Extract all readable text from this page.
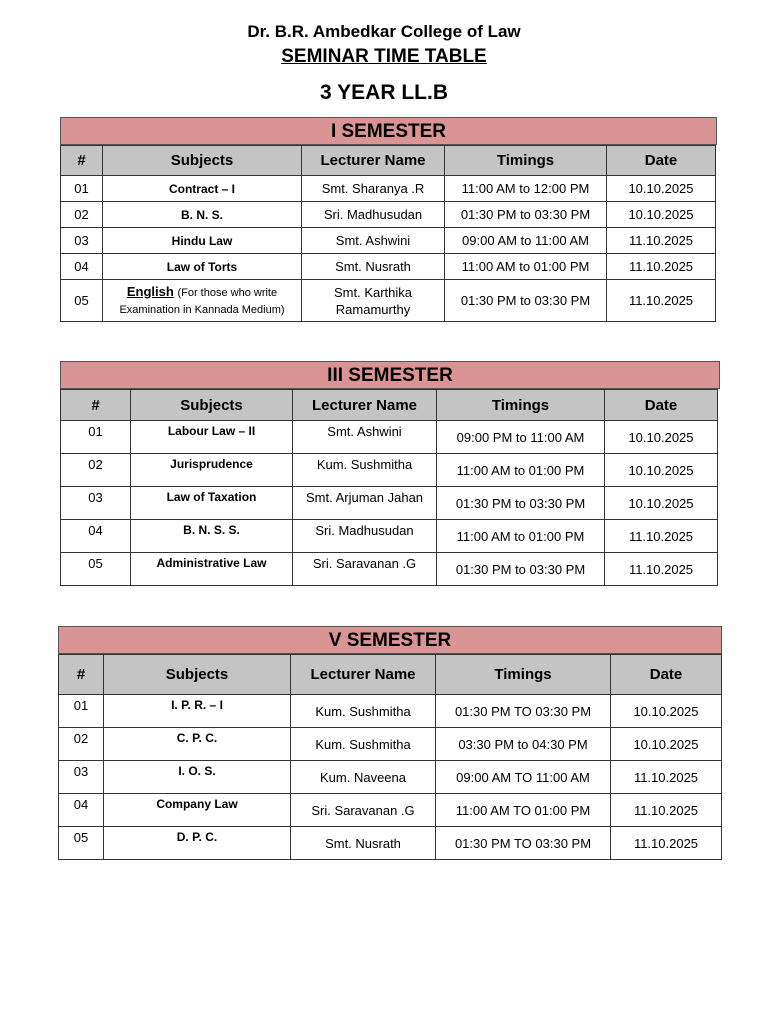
Dr. B.R. Ambedkar College of Law
SEMINAR TIME TABLE
3 YEAR LL.B
I SEMESTER
#	Subjects	Lecturer Name	Timings	Date
01	Contract – I	Smt. Sharanya .R	11:00 AM to 12:00 PM	10.10.2025
02	B. N. S.	Sri. Madhusudan	01:30 PM to 03:30 PM	10.10.2025
03	Hindu Law	Smt. Ashwini	09:00 AM to 11:00 AM	11.10.2025
04	Law of Torts	Smt. Nusrath	11:00 AM to 01:00 PM	11.10.2025
05	English (For those who write
Examination in Kannada Medium)	Smt. Karthika
Ramamurthy	01:30 PM to 03:30 PM	11.10.2025
III SEMESTER
#	Subjects	Lecturer Name	Timings	Date
01	Labour Law – II	Smt. Ashwini	09:00 PM to 11:00 AM	10.10.2025
02	Jurisprudence	Kum. Sushmitha	11:00 AM to 01:00 PM	10.10.2025
03	Law of Taxation	Smt. Arjuman Jahan	01:30 PM to 03:30 PM	10.10.2025
04	B. N. S. S.	Sri. Madhusudan	11:00 AM to 01:00 PM	11.10.2025
05	Administrative Law	Sri. Saravanan .G	01:30 PM to 03:30 PM	11.10.2025
V SEMESTER
#	Subjects	Lecturer Name	Timings	Date
01	I. P. R. – I	Kum. Sushmitha	01:30 PM TO 03:30 PM	10.10.2025
02	C. P. C.	Kum. Sushmitha	03:30 PM to 04:30 PM	10.10.2025
03	I. O. S.	Kum. Naveena	09:00 AM TO 11:00 AM	11.10.2025
04	Company Law	Sri. Saravanan .G	11:00 AM TO 01:00 PM	11.10.2025
05	D. P. C.	Smt. Nusrath	01:30 PM TO 03:30 PM	11.10.2025
